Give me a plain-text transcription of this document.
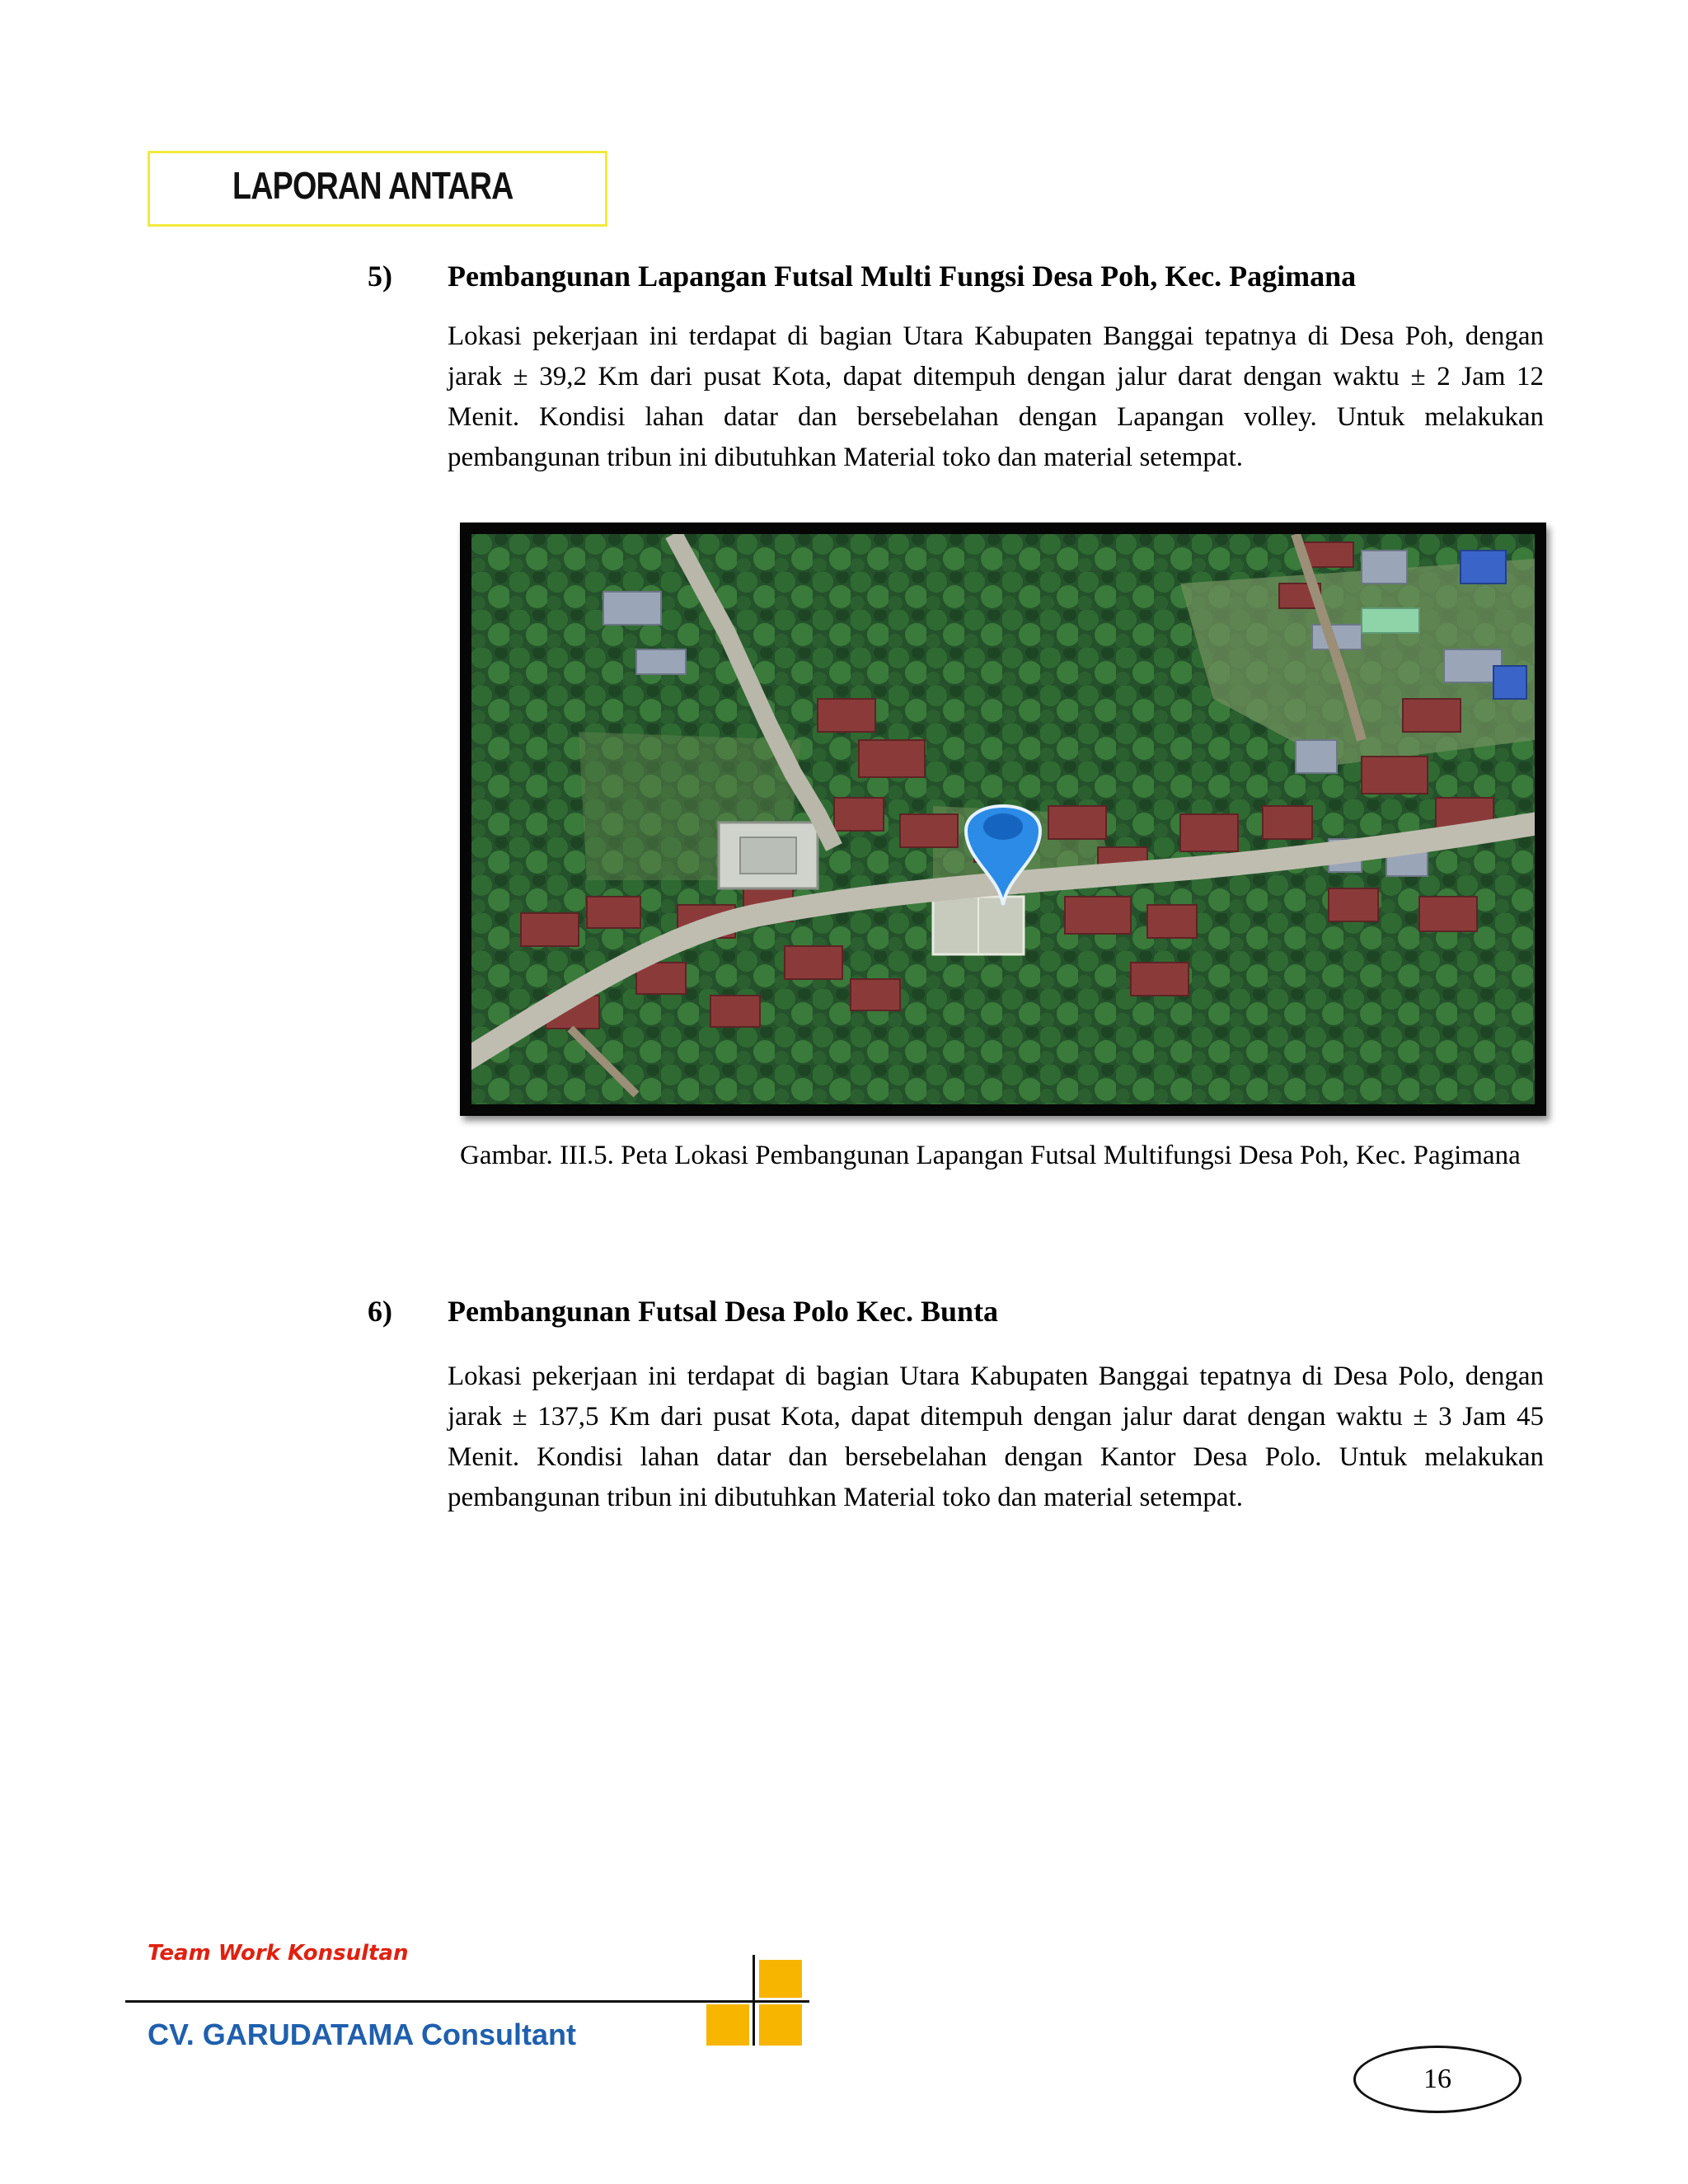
LAPORAN ANTARA
5) Pembangunan Lapangan Futsal Multi Fungsi Desa Poh, Kec. Pagimana

Lokasi pekerjaan ini terdapat di bagian Utara Kabupaten Banggai tepatnya di Desa Poh, dengan jarak ± 39,2 Km dari pusat Kota, dapat ditempuh dengan jalur darat dengan waktu ± 2 Jam 12 Menit. Kondisi lahan datar dan bersebelahan dengan Lapangan volley. Untuk melakukan pembangunan tribun ini dibutuhkan Material toko dan material setempat.

Gambar. III.5. Peta Lokasi Pembangunan Lapangan Futsal Multifungsi Desa Poh, Kec. Pagimana

6) Pembangunan Futsal Desa Polo Kec. Bunta

Lokasi pekerjaan ini terdapat di bagian Utara Kabupaten Banggai tepatnya di Desa Polo, dengan jarak ± 137,5 Km dari pusat Kota, dapat ditempuh dengan jalur darat dengan waktu ± 3 Jam 45 Menit. Kondisi lahan datar dan bersebelahan dengan Kantor Desa Polo. Untuk melakukan pembangunan tribun ini dibutuhkan Material toko dan material setempat.

Team Work Konsultan
CV. GARUDATAMA Consultant
16
